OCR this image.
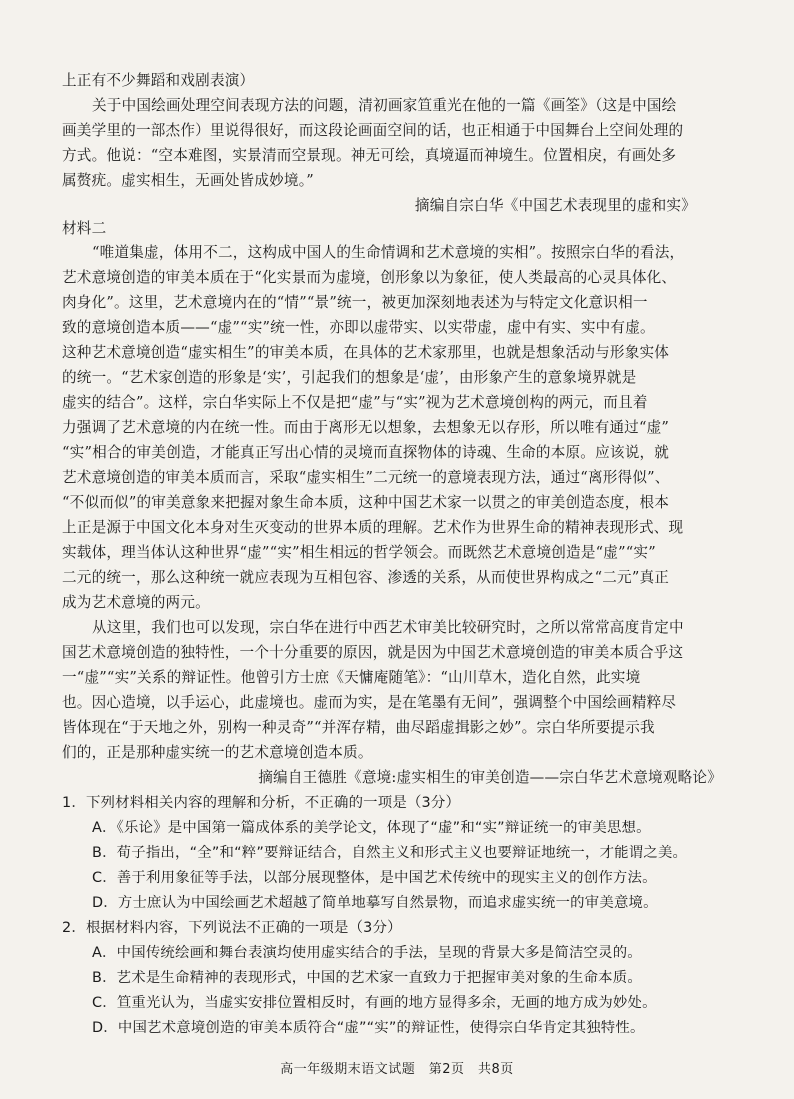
上正有不少舞蹈和戏剧表演）
关于中国绘画处理空间表现方法的问题，清初画家笪重光在他的一篇《画筌》（这是中国绘
画美学里的一部杰作）里说得很好，而这段论画面空间的话，也正相通于中国舞台上空间处理的
方式。他说：“空本难图，实景清而空景现。神无可绘，真境逼而神境生。位置相戾，有画处多
属赘疣。虚实相生，无画处皆成妙境。”
摘编自宗白华《中国艺术表现里的虚和实》
材料二
“唯道集虚，体用不二，这构成中国人的生命情调和艺术意境的实相”。按照宗白华的看法，
艺术意境创造的审美本质在于“化实景而为虚境，创形象以为象征，使人类最高的心灵具体化、
肉身化”。这里，艺术意境内在的“情”“景”统一，被更加深刻地表述为与特定文化意识相一
致的意境创造本质——“虚”“实”统一性，亦即以虚带实、以实带虚，虚中有实、实中有虚。
这种艺术意境创造“虚实相生”的审美本质，在具体的艺术家那里，也就是想象活动与形象实体
的统一。“艺术家创造的形象是‘实’，引起我们的想象是‘虚’，由形象产生的意象境界就是
虚实的结合”。这样，宗白华实际上不仅是把“虚”与“实”视为艺术意境创构的两元，而且着
力强调了艺术意境的内在统一性。而由于离形无以想象，去想象无以存形，所以唯有通过“虚”
“实”相合的审美创造，才能真正写出心情的灵境而直探物体的诗魂、生命的本原。应该说，就
艺术意境创造的审美本质而言，采取“虚实相生”二元统一的意境表现方法，通过“离形得似”、
“不似而似”的审美意象来把握对象生命本质，这种中国艺术家一以贯之的审美创造态度，根本
上正是源于中国文化本身对生灭变动的世界本质的理解。艺术作为世界生命的精神表现形式、现
实载体，理当体认这种世界“虚”“实”相生相远的哲学领会。而既然艺术意境创造是“虚”“实”
二元的统一，那么这种统一就应表现为互相包容、渗透的关系，从而使世界构成之“二元”真正
成为艺术意境的两元。
从这里，我们也可以发现，宗白华在进行中西艺术审美比较研究时，之所以常常高度肯定中
国艺术意境创造的独特性，一个十分重要的原因，就是因为中国艺术意境创造的审美本质合乎这
一“虚”“实”关系的辩证性。他曾引方士庶《天慵庵随笔》：“山川草木，造化自然，此实境
也。因心造境，以手运心，此虚境也。虚而为实，是在笔墨有无间”，强调整个中国绘画精粹尽
皆体现在“于天地之外，别构一种灵奇”“并浑存精，曲尽蹈虚揖影之妙”。宗白华所要提示我
们的，正是那种虚实统一的艺术意境创造本质。
摘编自王德胜《意境:虚实相生的审美创造——宗白华艺术意境观略论》
1．下列材料相关内容的理解和分析，不正确的一项是（3分）
A．《乐论》是中国第一篇成体系的美学论文，体现了“虚”和“实”辩证统一的审美思想。
B．荀子指出，“全”和“粹”要辩证结合，自然主义和形式主义也要辩证地统一，才能谓之美。
C．善于利用象征等手法，以部分展现整体，是中国艺术传统中的现实主义的创作方法。
D．方士庶认为中国绘画艺术超越了简单地摹写自然景物，而追求虚实统一的审美意境。
2．根据材料内容，下列说法不正确的一项是（3分）
A．中国传统绘画和舞台表演均使用虚实结合的手法，呈现的背景大多是简洁空灵的。
B．艺术是生命精神的表现形式，中国的艺术家一直致力于把握审美对象的生命本质。
C．笪重光认为，当虚实安排位置相反时，有画的地方显得多余，无画的地方成为妙处。
D．中国艺术意境创造的审美本质符合“虚”“实”的辩证性，使得宗白华肯定其独特性。
高一年级期末语文试题　第2页　共8页
